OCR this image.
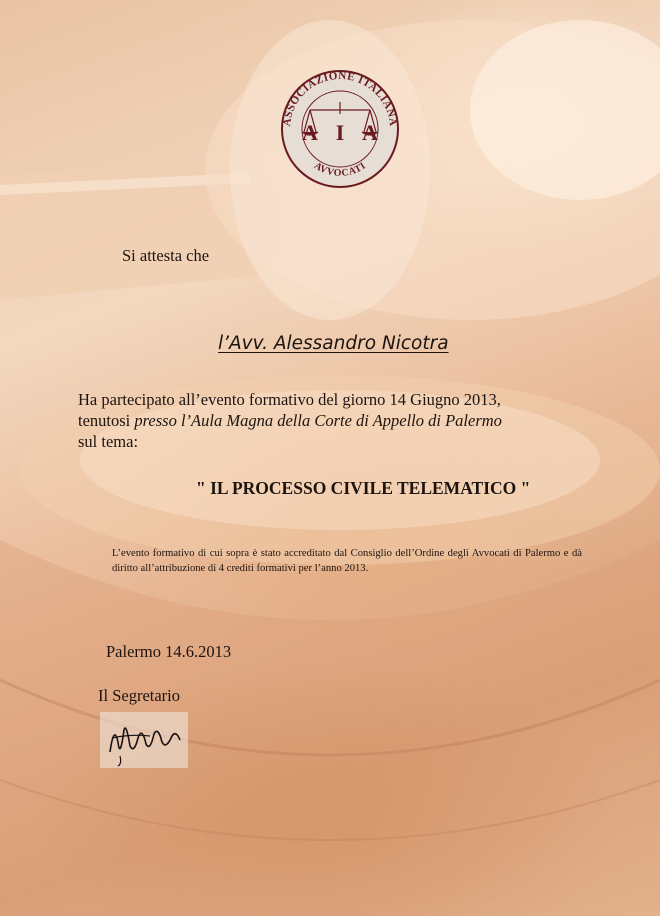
ASSOCIAZIONE ITALIANA
AVVOCATI
A I A
Si attesta che
l’Avv. Alessandro Nicotra
Ha partecipato all’evento formativo del giorno 14 Giugno 2013,
tenutosi presso l’Aula Magna della Corte di Appello di Palermo
sul tema:
" IL PROCESSO CIVILE TELEMATICO "
L’evento formativo di cui sopra è stato accreditato dal Consiglio dell’Ordine degli Avvocati di Palermo e dà diritto all’attribuzione di 4 crediti formativi per l’anno 2013.
Palermo 14.6.2013
Il Segretario
